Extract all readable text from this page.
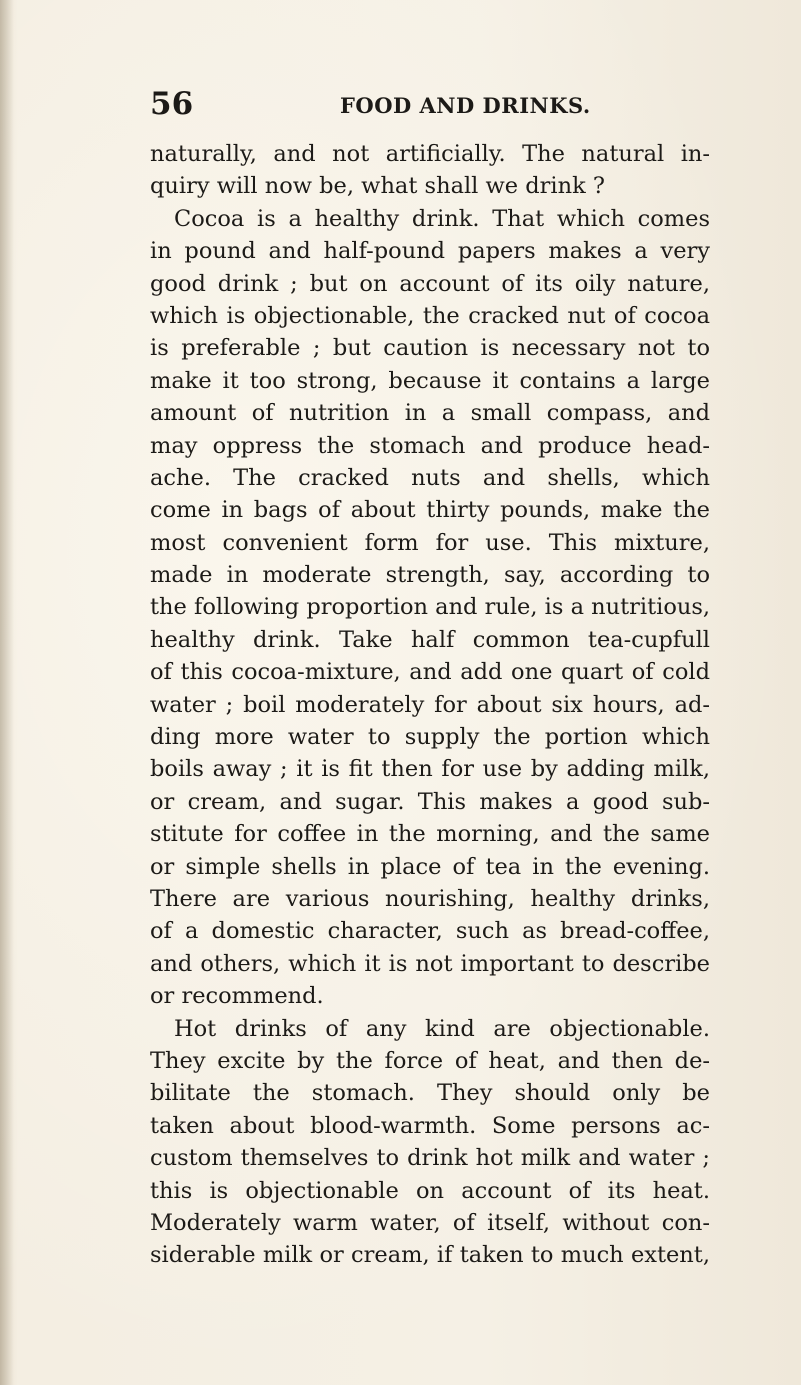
56	FOOD AND DRINKS.
naturally, and not artificially. The natural in-
quiry will now be, what shall we drink ?
Cocoa is a healthy drink. That which comes
in pound and half-pound papers makes a very
good drink ; but on account of its oily nature,
which is objectionable, the cracked nut of cocoa
is preferable ; but caution is necessary not to
make it too strong, because it contains a large
amount of nutrition in a small compass, and
may oppress the stomach and produce head-
ache. The cracked nuts and shells, which
come in bags of about thirty pounds, make the
most convenient form for use. This mixture,
made in moderate strength, say, according to
the following proportion and rule, is a nutritious,
healthy drink. Take half common tea-cupfull
of this cocoa-mixture, and add one quart of cold
water ; boil moderately for about six hours, ad-
ding more water to supply the portion which
boils away ; it is fit then for use by adding milk,
or cream, and sugar. This makes a good sub-
stitute for coffee in the morning, and the same
or simple shells in place of tea in the evening.
There are various nourishing, healthy drinks,
of a domestic character, such as bread-coffee,
and others, which it is not important to describe
or recommend.
Hot drinks of any kind are objectionable.
They excite by the force of heat, and then de-
bilitate the stomach. They should only be
taken about blood-warmth. Some persons ac-
custom themselves to drink hot milk and water ;
this is objectionable on account of its heat.
Moderately warm water, of itself, without con-
siderable milk or cream, if taken to much extent,
